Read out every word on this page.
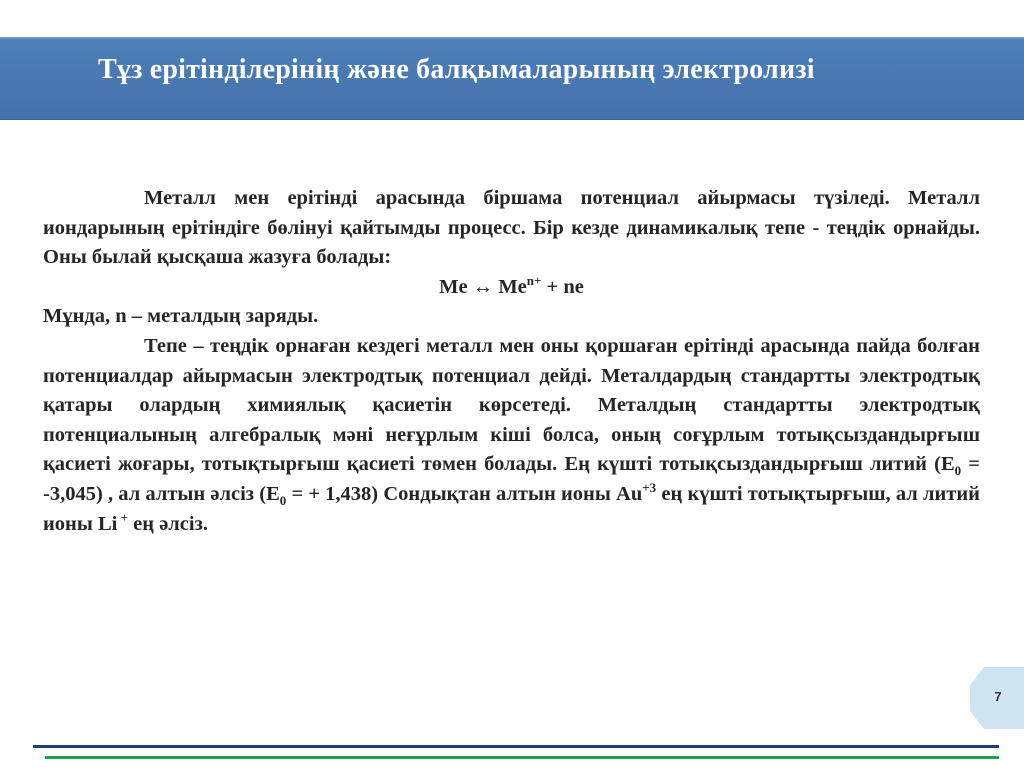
Тұз ерітінділерінің және балқымаларының электролизі

Металл мен ерітінді арасында біршама потенциал айырмасы түзіледі. Металл иондарының ерітіндіге бөлінуі қайтымды процесс. Бір кезде динамикалық тепе - теңдік орнайды. Оны былай қысқаша жазуға болады:

Me ↔ $Me^{n+}$ + ne

Мұнда, n – металдың заряды.

Тепе – теңдік орнаған кездегі металл мен оны қоршаған ерітінді арасында пайда болған потенциалдар айырмасын электродтық потенциал дейді. Металдардың стандартты электродтық қатары олардың химиялық қасиетін көрсетеді. Металдың стандартты электродтық потенциалының алгебралық мәні неғұрлым кіші болса, оның соғұрлым тотықсыздандырғыш қасиеті жоғары, тотықтырғыш қасиеті төмен болады. Ең күшті тотықсыздандырғыш литий $(E_0 = -3,045)$ , ал алтын әлсіз ($E_0$ = + 1,438) Сондықтан алтын ионы $Au^{+3}$ ең күшті тотықтырғыш, ал литий ионы Li + ең әлсіз.

7
